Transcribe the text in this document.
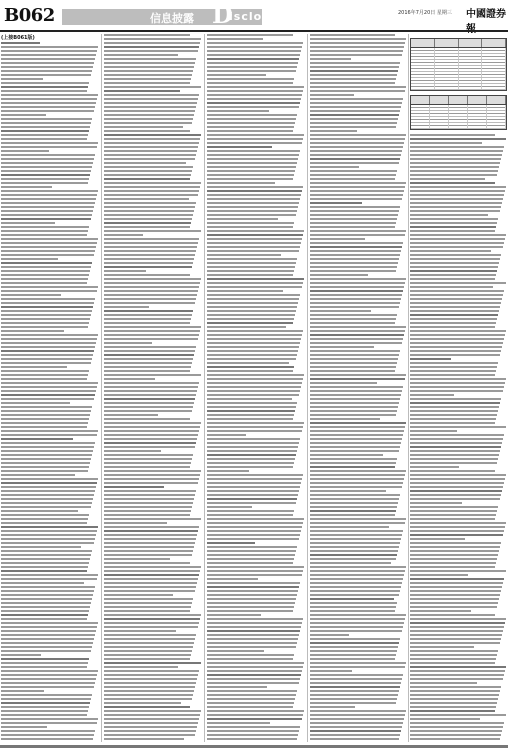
B062	信息披露 D
isclosure	2016年7月20日 星期三 中國證券
(上接B061版)
